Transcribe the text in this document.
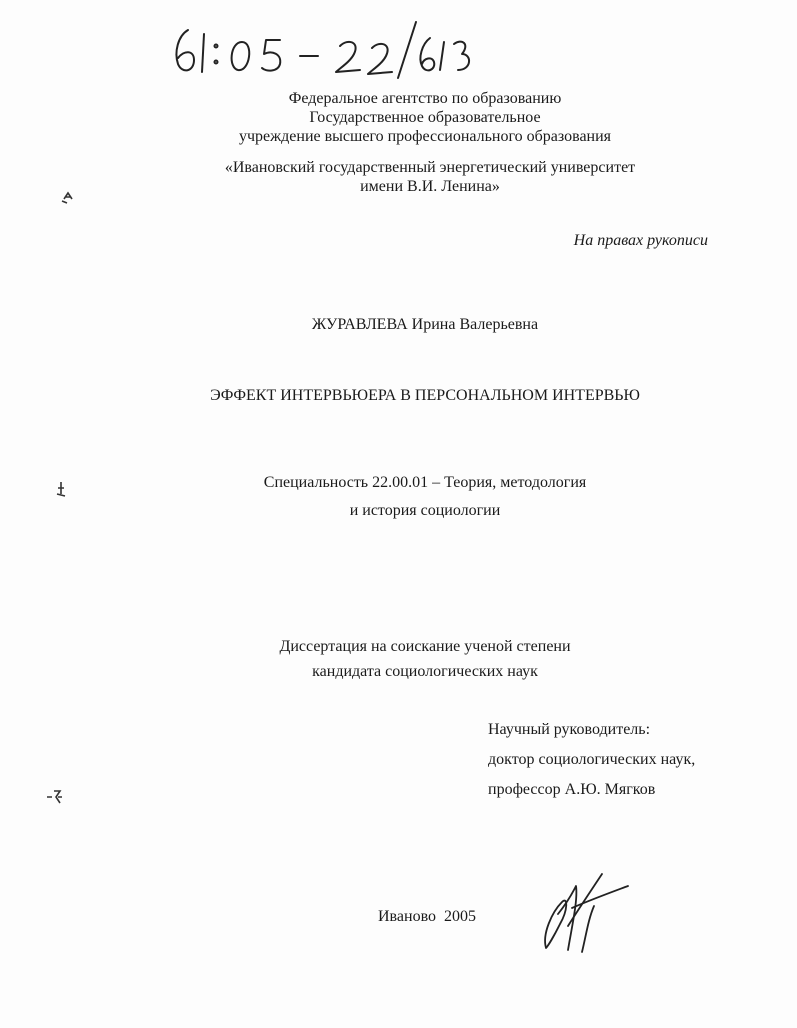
Федеральное агентство по образованию
Государственное образовательное
учреждение высшего профессионального образования
«Ивановский государственный энергетический университет
имени В.И. Ленина»
На правах рукописи
ЖУРАВЛЕВА Ирина Валерьевна
ЭФФЕКТ ИНТЕРВЬЮЕРА В ПЕРСОНАЛЬНОМ ИНТЕРВЬЮ
Специальность 22.00.01 – Теория, методология
и история социологии
Диссертация на соискание ученой степени
кандидата социологических наук
Научный руководитель:
доктор социологических наук,
профессор А.Ю. Мягков
Иваново  2005
